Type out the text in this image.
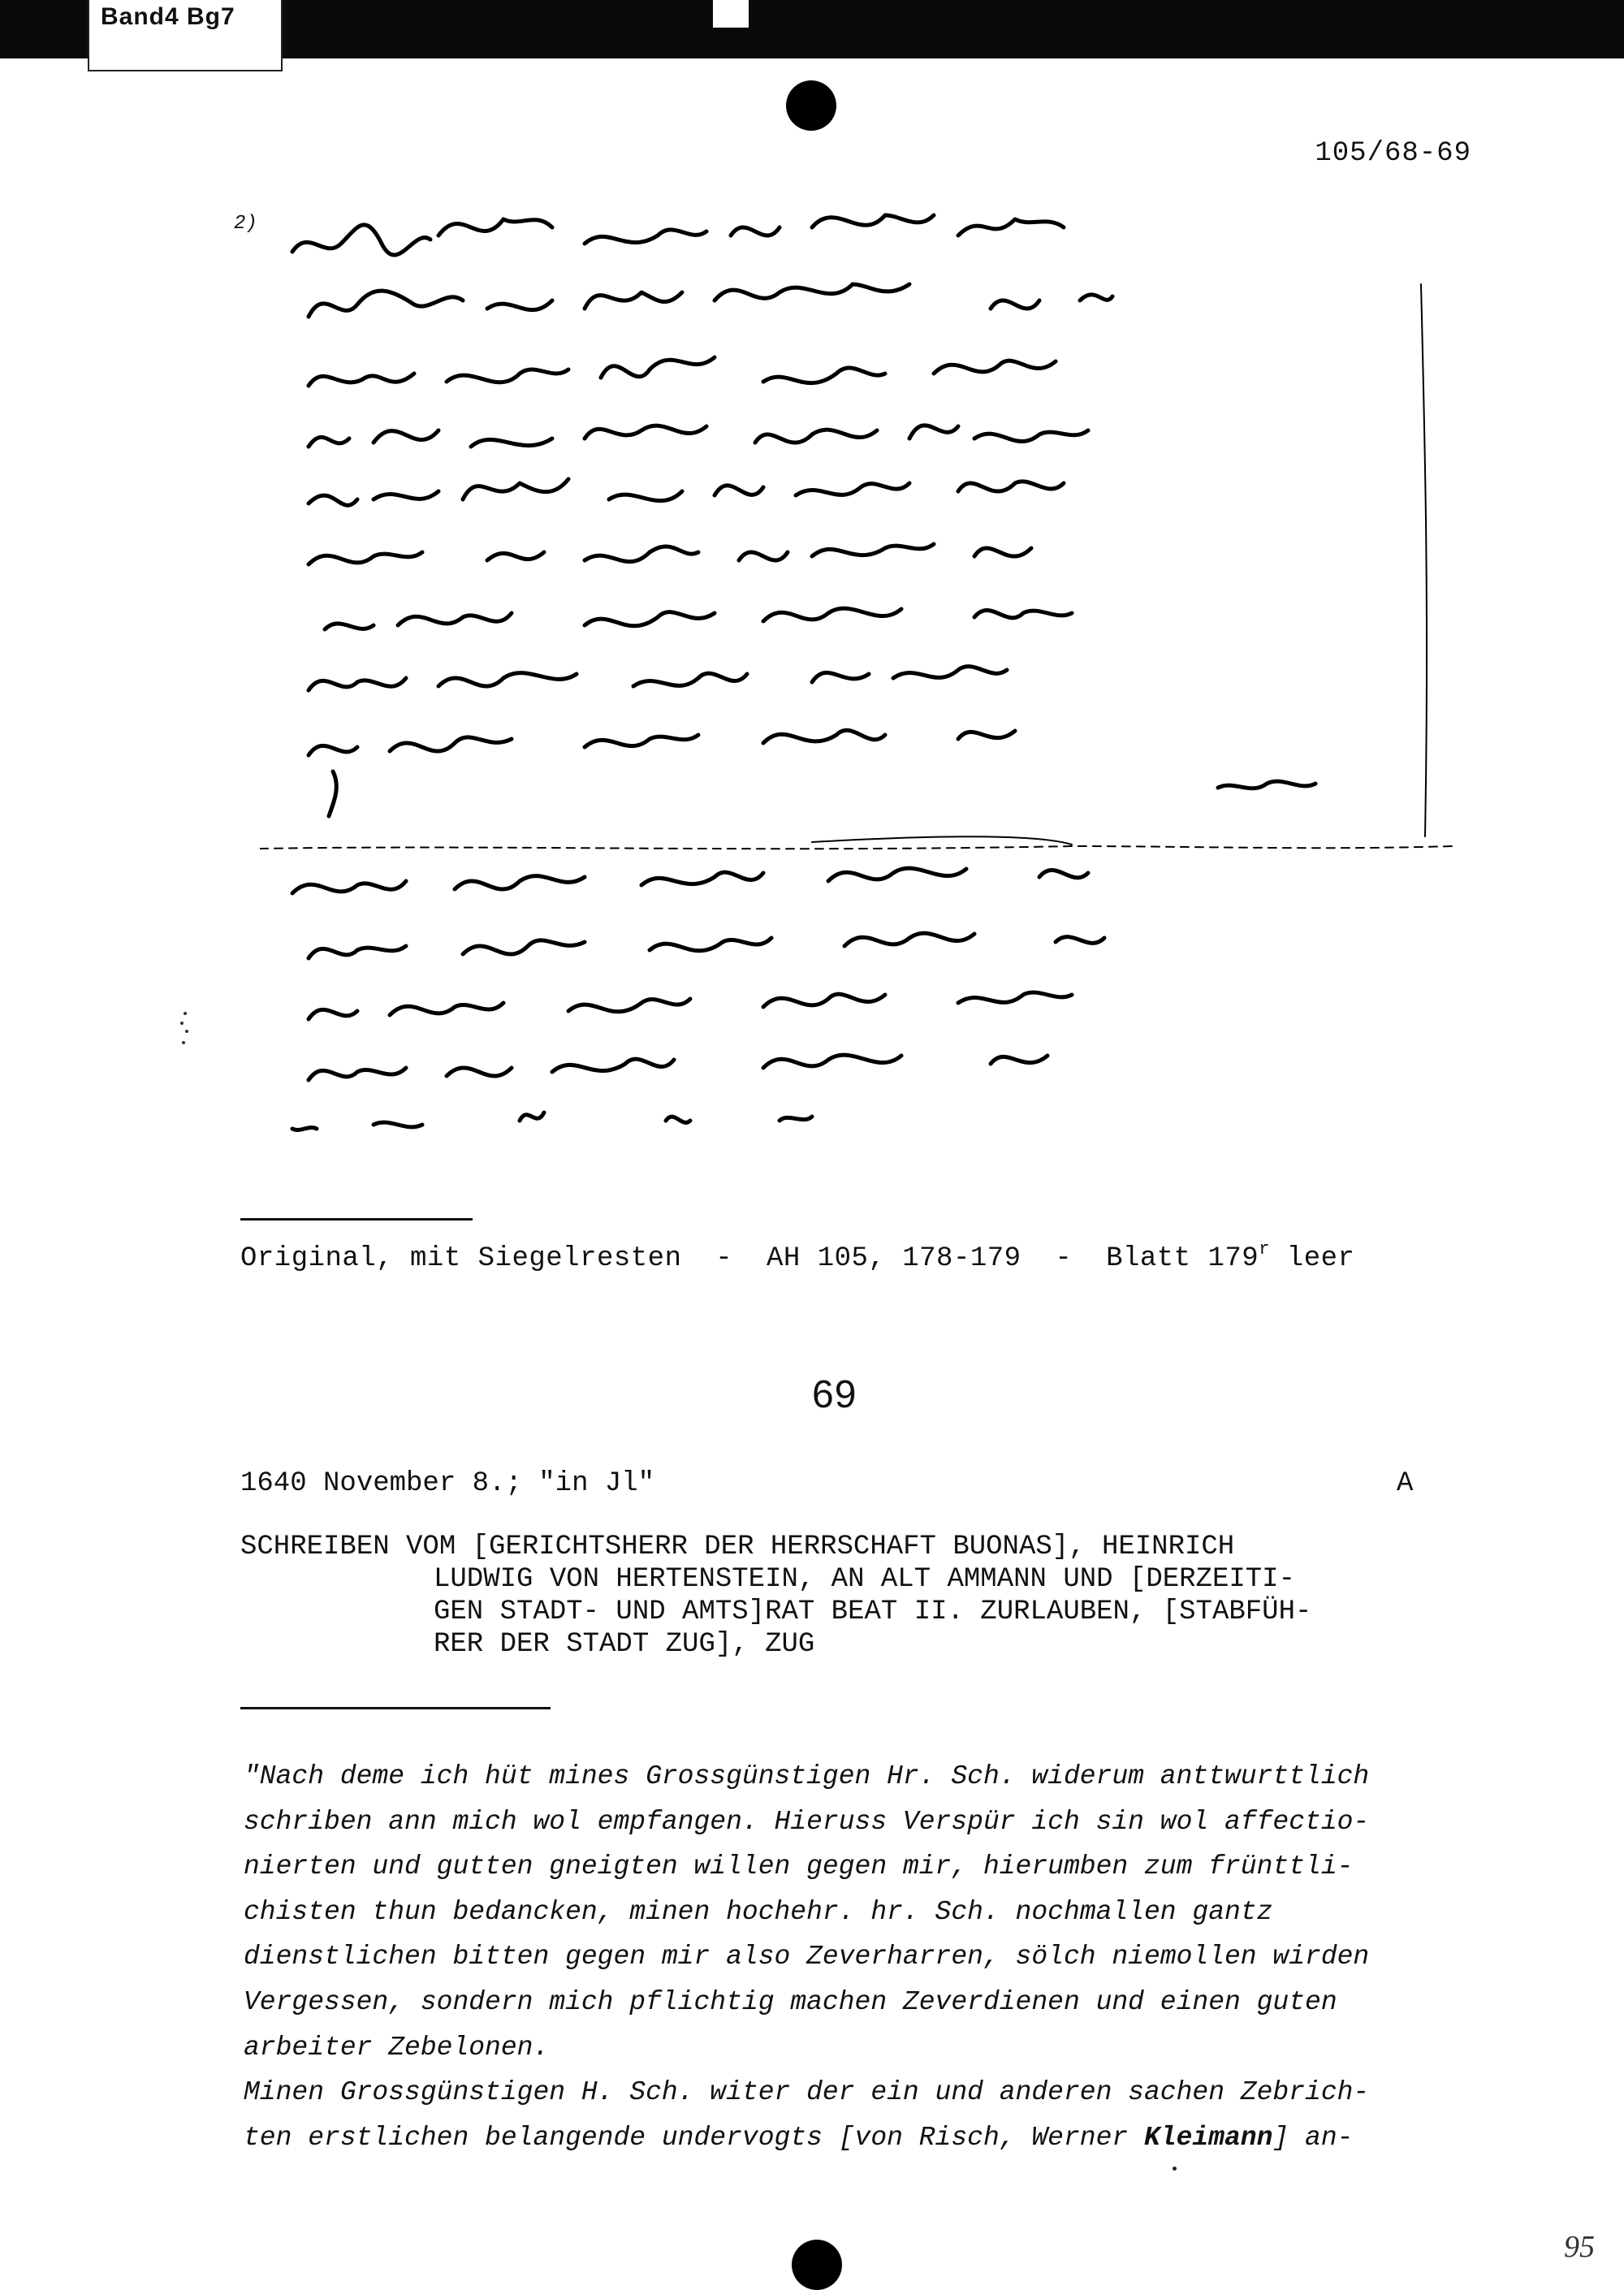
Band4 Bg7
105/68-69
2)
Original, mit Siegelresten  -  AH 105, 178-179  -  Blatt 179$^r$ leer
69
1640 November 8.; "in Jl"	A
SCHREIBEN VOM [GERICHTSHERR DER HERRSCHAFT BUONAS], HEINRICH
LUDWIG VON HERTENSTEIN, AN ALT AMMANN UND [DERZEITI-
GEN STADT- UND AMTS]RAT BEAT II. ZURLAUBEN, [STABFÜH-
RER DER STADT ZUG], ZUG
"Nach deme ich hüt mines Grossgünstigen Hr. Sch. widerum anttwurttlich
schriben ann mich wol empfangen. Hieruss Verspür ich sin wol affectio-
nierten und gutten gneigten willen gegen mir, hierumben zum frünttli-
chisten thun bedancken, minen hochehr. hr. Sch. nochmallen gantz
dienstlichen bitten gegen mir also Zeverharren, sölch niemollen wirden
Vergessen, sondern mich pflichtig machen Zeverdienen und einen guten
arbeiter Zebelonen.
Minen Grossgünstigen H. Sch. witer der ein und anderen sachen Zebrich-
ten erstlichen belangende undervogts [von Risch, Werner Kleimann] an-
95
